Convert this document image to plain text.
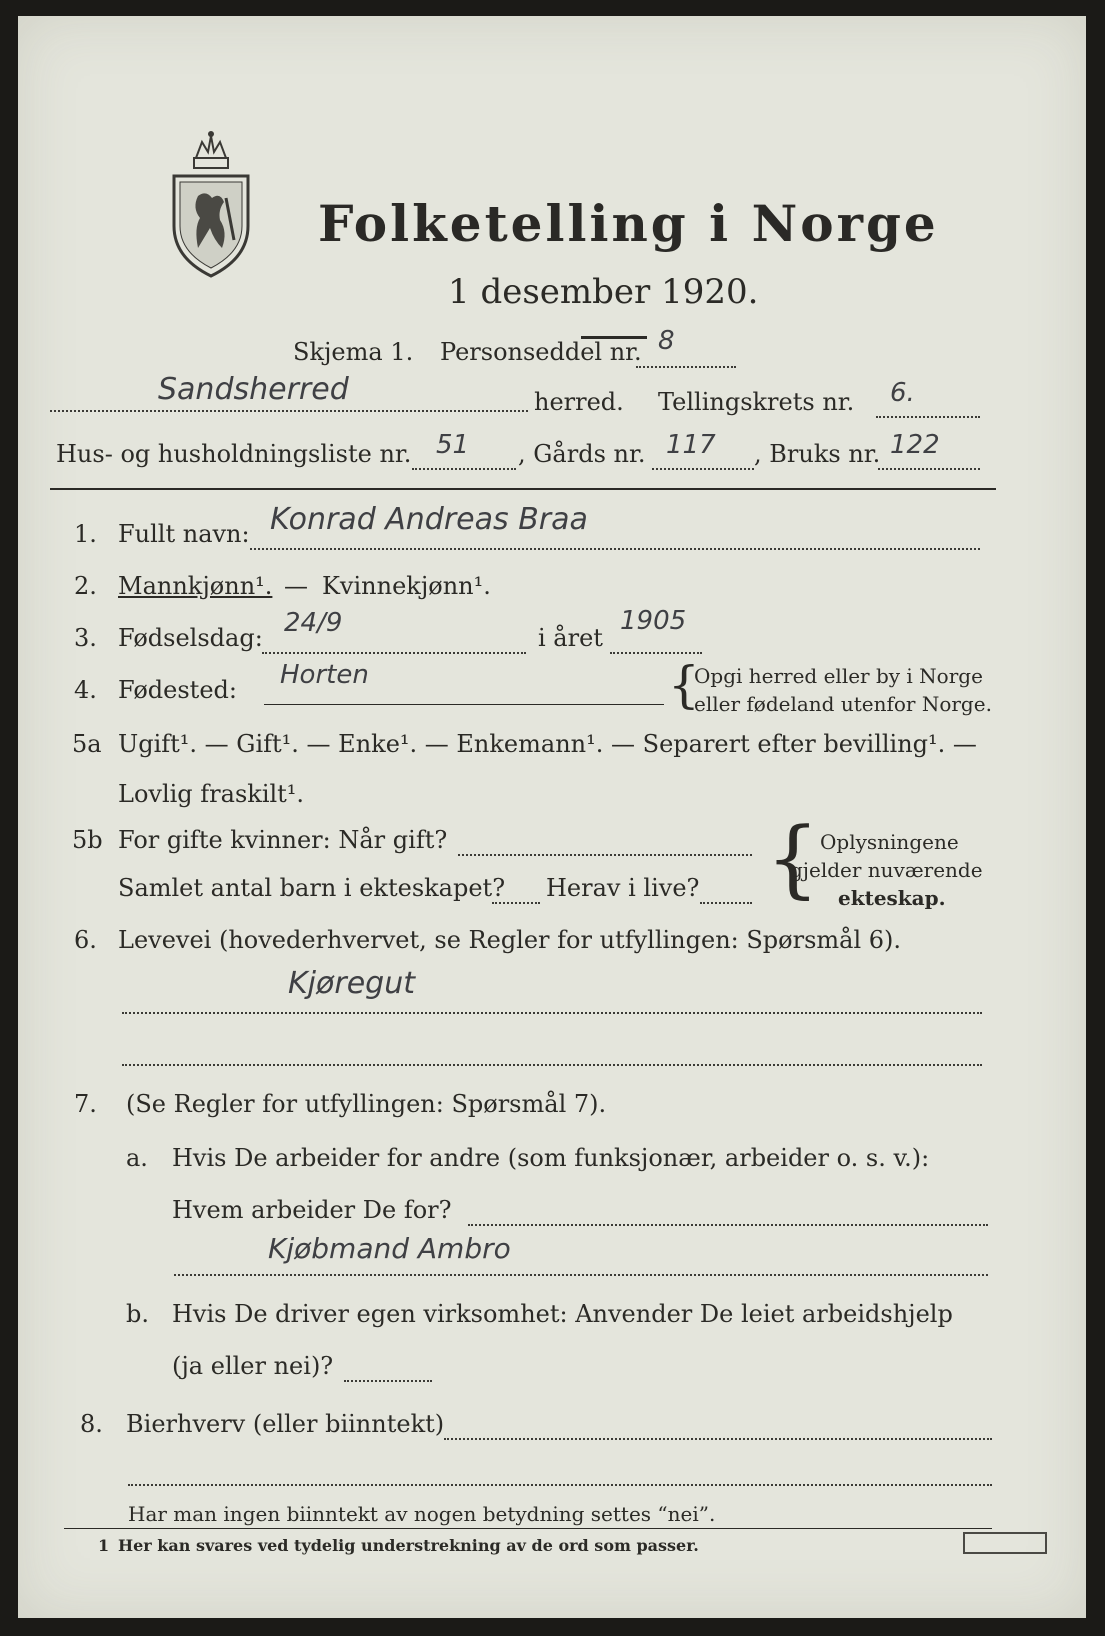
Folketelling i Norge
1 desember 1920.
Skjema 1. Personseddel nr. 8
Sandsherred	herred. Tellingskrets nr. 6.
Hus- og husholdningsliste nr. 51 , Gårds nr. 117 , Bruks nr. 122
1. Fullt navn: Konrad Andreas Braa
2. Mannkjønn¹. — Kvinnekjønn¹.
3. Fødselsdag: 24/9	i året
1905
4. Fødested: Horten	{
Opgi herred eller by i Norge
eller fødeland utenfor Norge.
5a Ugift¹. — Gift¹. — Enke¹. — Enkemann¹. — Separert efter bevilling¹. —
Lovlig fraskilt¹.
5b For gifte kvinner: Når gift?
Samlet antal barn i ekteskapet? Herav i live? { Oplysningene
gjelder nuværende
ekteskap.
6. Levevei (hovederhvervet, se Regler for utfyllingen: Spørsmål 6).
Kjøregut
7. (Se Regler for utfyllingen: Spørsmål 7).
a. Hvis De arbeider for andre (som funksjonær, arbeider o. s. v.):
Hvem arbeider De for?
Kjøbmand Ambro
b. Hvis De driver egen virksomhet: Anvender De leiet arbeidshjelp
(ja eller nei)?
8. Bierhverv (eller biinntekt)
Har man ingen biinntekt av nogen betydning settes “nei”.
1 Her kan svares ved tydelig understrekning av de ord som passer.
